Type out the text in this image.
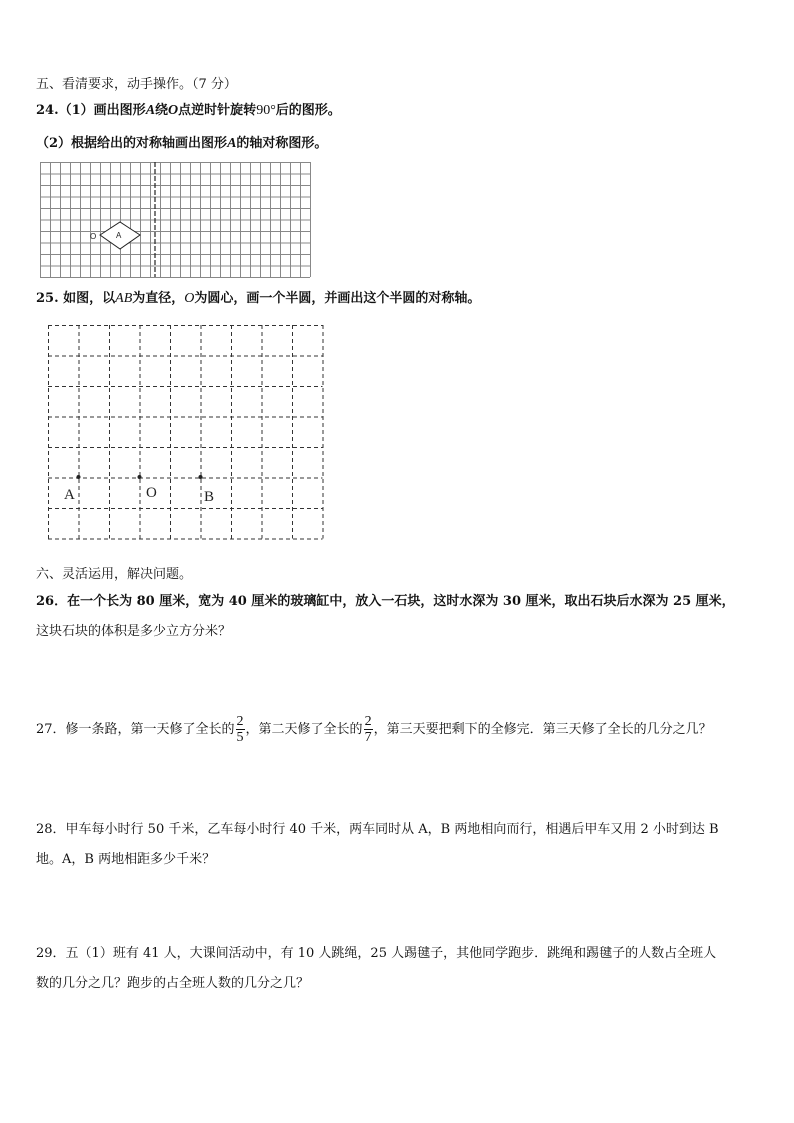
五、看清要求，动手操作。（7 分）
24.（1）画出图形A绕O点逆时针旋转90°后的图形。
（2）根据给出的对称轴画出图形A的轴对称图形。
O A
25. 如图，以AB为直径，O为圆心，画一个半圆，并画出这个半圆的对称轴。
A	O	B
六、灵活运用，解决问题。
26．在一个长为 80 厘米，宽为 40 厘米的玻璃缸中，放入一石块，这时水深为 30 厘米，取出石块后水深为 25 厘米，
这块石块的体积是多少立方分米？
27．修一条路，第一天修了全长的 $\frac{2}{5}$ ，第二天修了全长的 $\frac{2}{7}$ ，第三天要把剩下的全修完．第三天修了全长的几分之几？
28．甲车每小时行 50 千米，乙车每小时行 40 千米，两车同时从 A，B 两地相向而行，相遇后甲车又用 2 小时到达 B
地。A，B 两地相距多少千米？
29．五（1）班有 41 人，大课间活动中，有 10 人跳绳，25 人踢毽子，其他同学跑步．跳绳和踢毽子的人数占全班人
数的几分之几？跑步的占全班人数的几分之几？
